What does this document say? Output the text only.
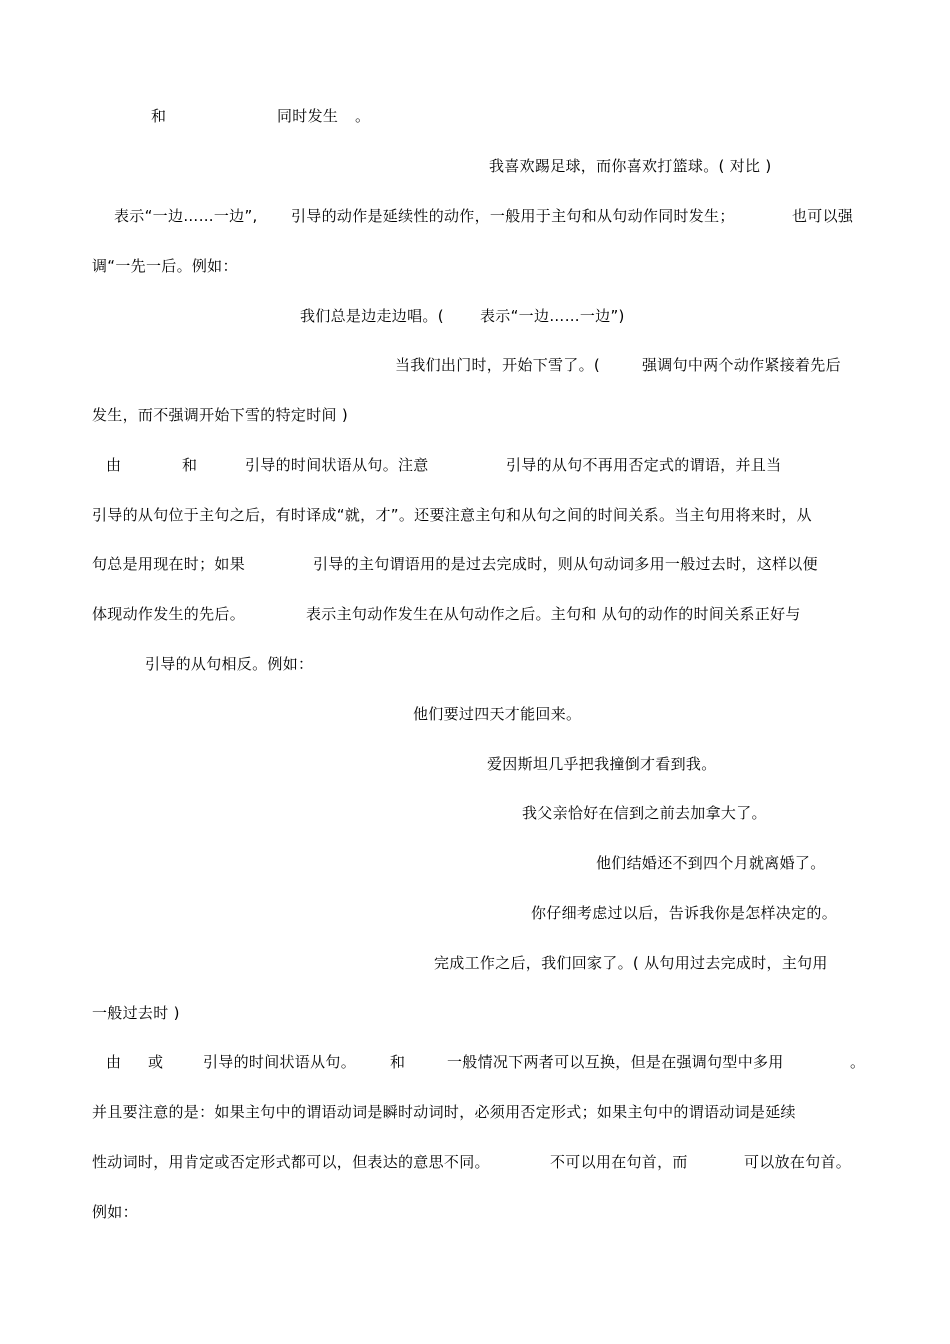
和	同时发生 。
我喜欢踢足球，而你喜欢打篮球。( 对比 )
表示“一边……一边”, 引导的动作是延续性的动作，一般用于主句和从句动作同时发生；	也可以强
调“一先一后。例如：
我们总是边走边唱。( 表示“一边……一边”)
当我们出门时，开始下雪了。(	强调句中两个动作紧接着先后
发生，而不强调开始下雪的特定时间 )
由	和	引导的时间状语从句。注意	引导的从句不再用否定式的谓语，并且当
引导的从句位于主句之后，有时译成“就，才”。还要注意主句和从句之间的时间关系。当主句用将来时，从
句总是用现在时；如果	引导的主句谓语用的是过去完成时，则从句动词多用一般过去时，这样以便
体现动作发生的先后。	表示主句动作发生在从句动作之后。主句和 从句的动作的时间关系正好与
引导的从句相反。例如：
他们要过四天才能回来。
爱因斯坦几乎把我撞倒才看到我。
我父亲恰好在信到之前去加拿大了。
他们结婚还不到四个月就离婚了。
你仔细考虑过以后，告诉我你是怎样决定的。
完成工作之后，我们回家了。( 从句用过去完成时，主句用
一般过去时 )
由 或	引导的时间状语从句。 和	一般情况下两者可以互换，但是在强调句型中多用	。
并且要注意的是：如果主句中的谓语动词是瞬时动词时，必须用否定形式；如果主句中的谓语动词是延续
性动词时，用肯定或否定形式都可以，但表达的意思不同。	不可以用在句首，而	可以放在句首。
例如：
